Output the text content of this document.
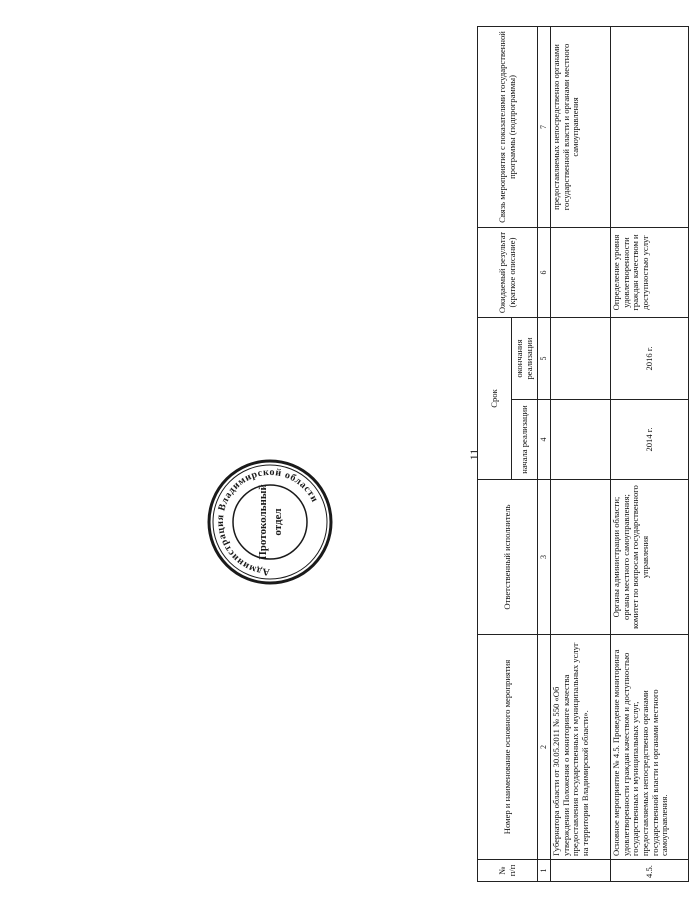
11
№ п/п	Номер и наименование основного мероприятия	Ответственный исполнитель	Срок		Ожидаемый результат (краткое описание)	Связь мероприятия с показателями государственной программы (подпрограммы)
			начала реализации	окончания реализации		
1	2	3	4	5	6	7
	Губернатора области от 30.05.2011 № 550 «Об утверждении Положения о мониторинге качества предоставления государственных и муниципальных услуг на территории Владимирской области».					предоставляемых непосредственно органами государственной власти и органами местного самоуправления
4.5.	Основное мероприятие № 4.5. Проведение мониторинга удовлетворенности граждан качеством и доступностью государственных и муниципальных услуг, предоставляемых непосредственно органами государственной власти и органами местного самоуправления.	Органы администрации области; органы местного самоуправления; комитет по вопросам государственного управления	2014 г.	2016 г.	Определение уровня удовлетворенности граждан качеством и доступностью услуг	
Администрация Владимирской области
Протокольный отдел
